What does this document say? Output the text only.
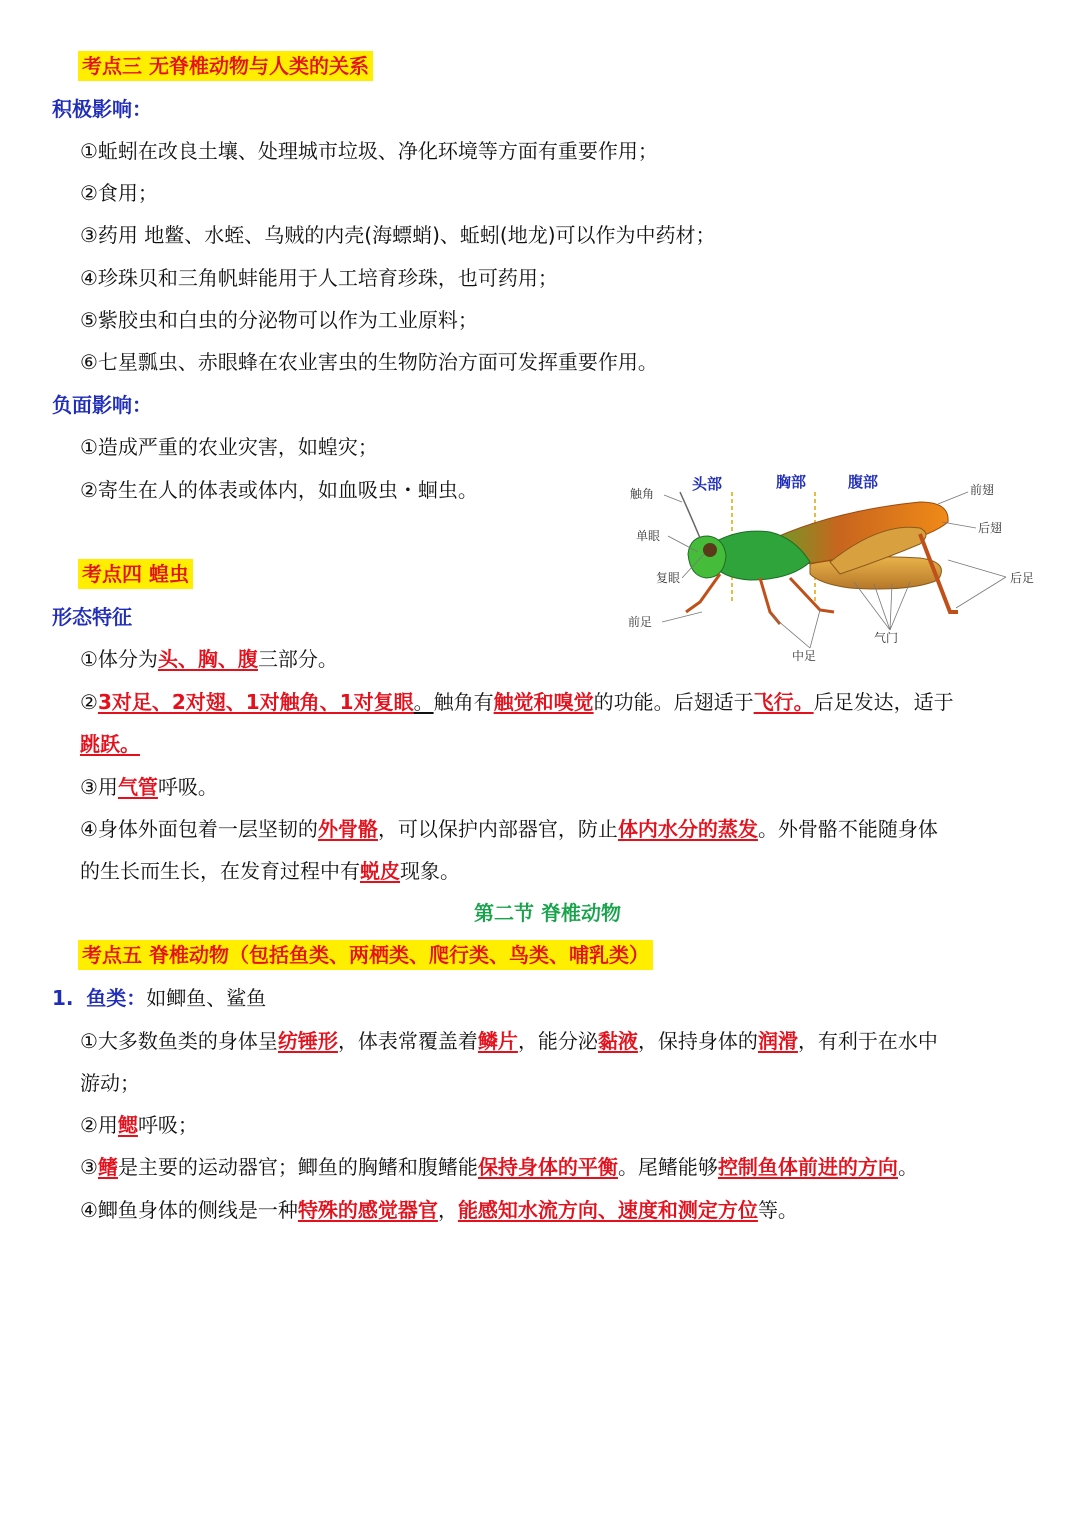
考点三 无脊椎动物与人类的关系
积极影响：
①蚯蚓在改良土壤、处理城市垃圾、净化环境等方面有重要作用；
②食用；
③药用 地鳖、水蛭、乌贼的内壳(海螵蛸)、蚯蚓(地龙)可以作为中药材；
④珍珠贝和三角帆蚌能用于人工培育珍珠，也可药用；
⑤紫胶虫和白虫的分泌物可以作为工业原料；
⑥七星瓢虫、赤眼蜂在农业害虫的生物防治方面可发挥重要作用。
负面影响：
①造成严重的农业灾害，如蝗灾；
②寄生在人的体表或体内，如血吸虫・蛔虫。	头部	胸部	腹部
触角
单眼
复眼
前足
中足
气门
前翅
后翅
后足
考点四 蝗虫
形态特征
①体分为头、胸、腹三部分。
②3对足、2对翅、1对触角、1对复眼。触角有触觉和嗅觉的功能。后翅适于飞行。后足发达，适于
跳跃。
③用气管呼吸。
④身体外面包着一层坚韧的外骨骼，可以保护内部器官，防止体内水分的蒸发。外骨骼不能随身体
的生长而生长，在发育过程中有蜕皮现象。
第二节 脊椎动物
考点五 脊椎动物（包括鱼类、两栖类、爬行类、鸟类、哺乳类）
1. 鱼类：如鲫鱼、鲨鱼
①大多数鱼类的身体呈纺锤形，体表常覆盖着鳞片，能分泌黏液，保持身体的润滑，有利于在水中
游动；
②用鳃呼吸；
③鳍是主要的运动器官；鲫鱼的胸鳍和腹鳍能保持身体的平衡。尾鳍能够控制鱼体前进的方向。
④鲫鱼身体的侧线是一种特殊的感觉器官，能感知水流方向、速度和测定方位等。
